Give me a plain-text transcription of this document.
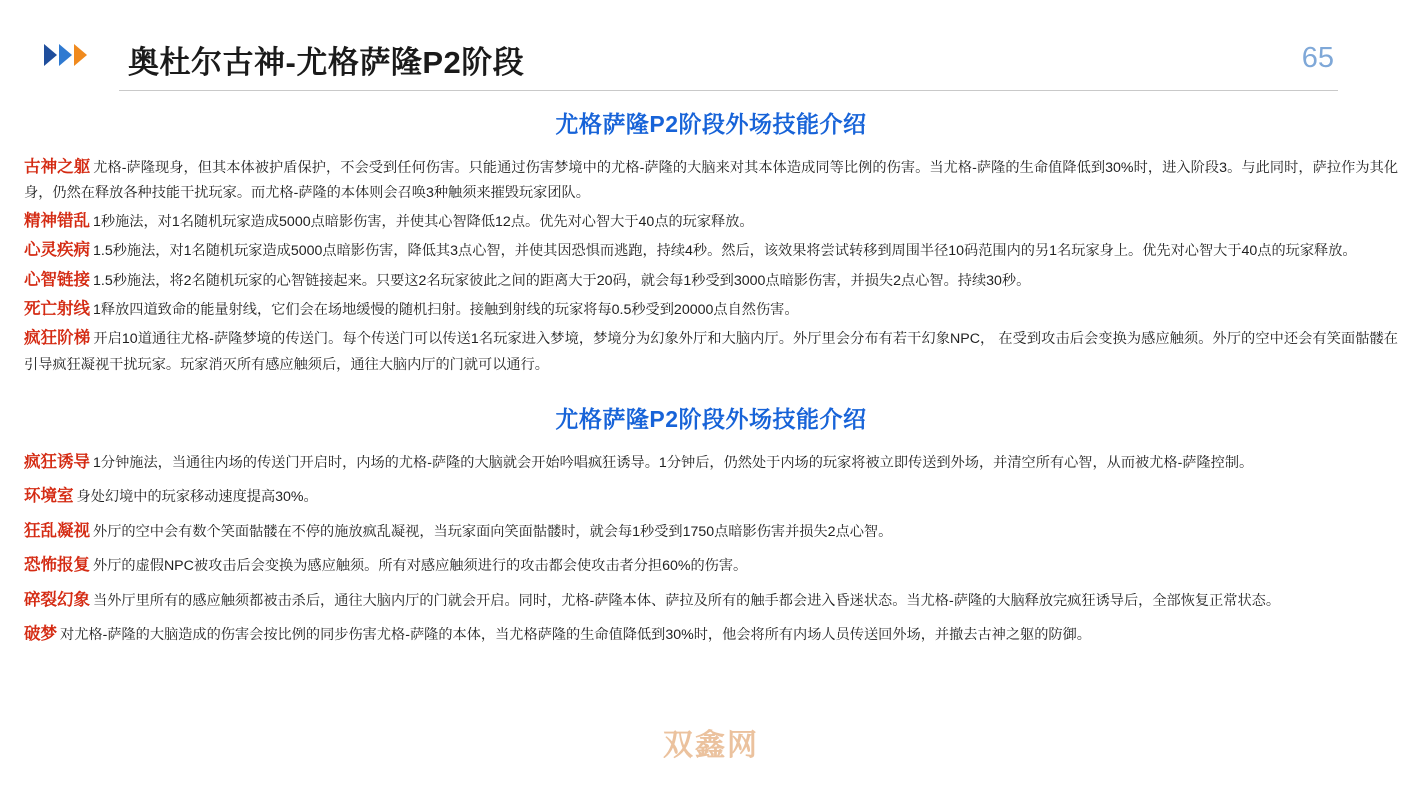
奥杜尔古神-尤格萨隆P2阶段	65
尤格萨隆P2阶段外场技能介绍

古神之躯 尤格-萨隆现身，但其本体被护盾保护，不会受到任何伤害。只能通过伤害梦境中的尤格-萨隆的大脑来对其本体造成同等比例的伤害。当尤格-萨隆的生命值降低到30%时，进入阶段3。与此同时，萨拉作为其化身，仍然在释放各种技能干扰玩家。而尤格-萨隆的本体则会召唤3种触须来摧毁玩家团队。

精神错乱 1秒施法，对1名随机玩家造成5000点暗影伤害，并使其心智降低12点。优先对心智大于40点的玩家释放。

心灵疾病 1.5秒施法，对1名随机玩家造成5000点暗影伤害，降低其3点心智，并使其因恐惧而逃跑，持续4秒。然后，该效果将尝试转移到周围半径10码范围内的另1名玩家身上。优先对心智大于40点的玩家释放。

心智链接 1.5秒施法，将2名随机玩家的心智链接起来。只要这2名玩家彼此之间的距离大于20码，就会每1秒受到3000点暗影伤害，并损失2点心智。持续30秒。

死亡射线 1释放四道致命的能量射线，它们会在场地缓慢的随机扫射。接触到射线的玩家将每0.5秒受到20000点自然伤害。

疯狂阶梯 开启10道通往尤格-萨隆梦境的传送门。每个传送门可以传送1名玩家进入梦境，梦境分为幻象外厅和大脑内厅。外厅里会分布有若干幻象NPC， 在受到攻击后会变换为感应触须。外厅的空中还会有笑面骷髅在引导疯狂凝视干扰玩家。玩家消灭所有感应触须后，通往大脑内厅的门就可以通行。

尤格萨隆P2阶段外场技能介绍

疯狂诱导 1分钟施法，当通往内场的传送门开启时，内场的尤格-萨隆的大脑就会开始吟唱疯狂诱导。1分钟后，仍然处于内场的玩家将被立即传送到外场，并清空所有心智，从而被尤格-萨隆控制。

环境室 身处幻境中的玩家移动速度提高30%。

狂乱凝视 外厅的空中会有数个笑面骷髅在不停的施放疯乱凝视，当玩家面向笑面骷髅时，就会每1秒受到1750点暗影伤害并损失2点心智。

恐怖报复 外厅的虚假NPC被攻击后会变换为感应触须。所有对感应触须进行的攻击都会使攻击者分担60%的伤害。

碎裂幻象 当外厅里所有的感应触须都被击杀后，通往大脑内厅的门就会开启。同时，尤格-萨隆本体、萨拉及所有的触手都会进入昏迷状态。当尤格-萨隆的大脑释放完疯狂诱导后，全部恢复正常状态。

破梦 对尤格-萨隆的大脑造成的伤害会按比例的同步伤害尤格-萨隆的本体，当尤格萨隆的生命值降低到30%时，他会将所有内场人员传送回外场，并撤去古神之躯的防御。

双鑫网
